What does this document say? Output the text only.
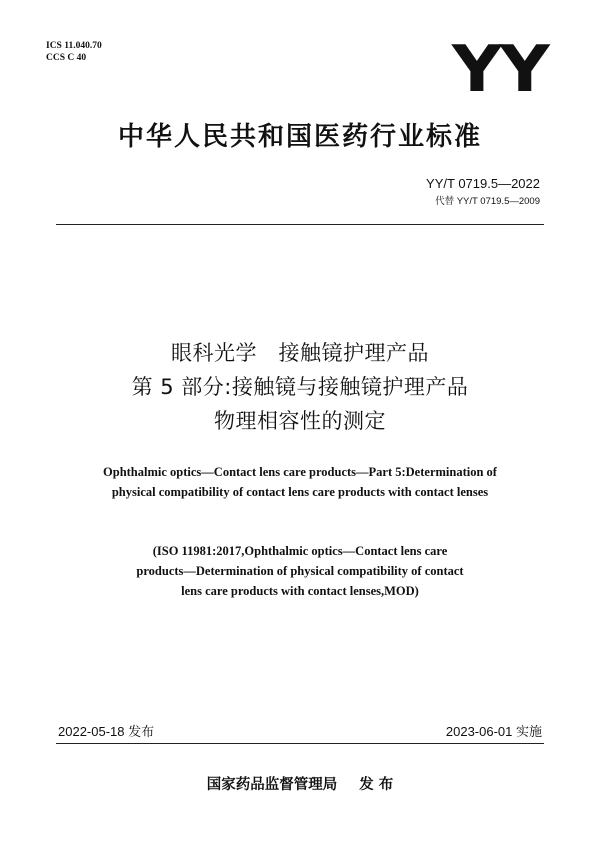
ICS 11.040.70
CCS C 40	YY
中华人民共和国医药行业标准
YY/T 0719.5—2022
代替 YY/T 0719.5—2009
眼科光学　接触镜护理产品
第 5 部分:接触镜与接触镜护理产品
物理相容性的测定
Ophthalmic optics—Contact lens care products—Part 5:Determination of
physical compatibility of contact lens care products with contact lenses
(ISO 11981:2017,Ophthalmic optics—Contact lens care
products—Determination of physical compatibility of contact
lens care products with contact lenses,MOD)
2022-05-18 发布	2023-06-01 实施
国家药品监督管理局 发 布
